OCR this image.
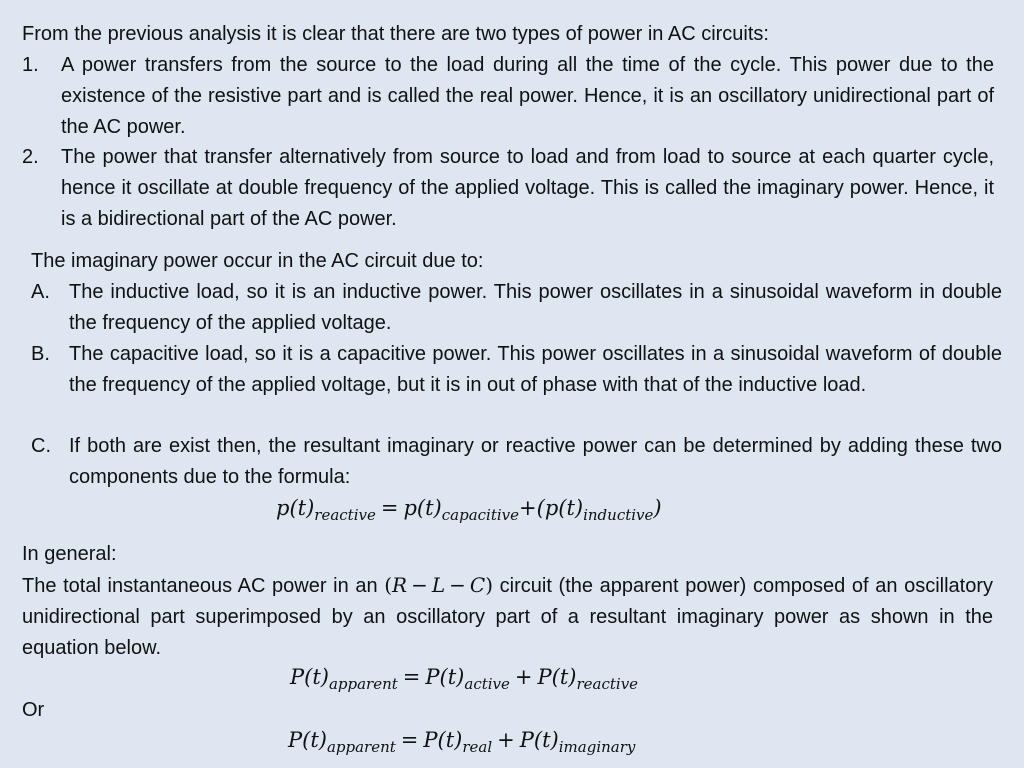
From the previous analysis it is clear that there are two types of power in AC circuits:

1. A power transfers from the source to the load during all the time of the cycle. This power due to the existence of the resistive part and is called the real power. Hence, it is an oscillatory unidirectional part of the AC power.

2. The power that transfer alternatively from source to load and from load to source at each quarter cycle, hence it oscillate at double frequency of the applied voltage. This is called the imaginary power. Hence, it is a bidirectional part of the AC power.

The imaginary power occur in the AC circuit due to:

A. The inductive load, so it is an inductive power. This power oscillates in a sinusoidal waveform in double the frequency of the applied voltage.

B. The capacitive load, so it is a capacitive power. This power oscillates in a sinusoidal waveform of double the frequency of the applied voltage, but it is in out of phase with that of the inductive load.

C. If both are exist then, the resultant imaginary or reactive power can be determined by adding these two components due to the formula:

$p(t)_{reactive} = p(t)_{capacitive}+(p(t)_{inductive})$

In general:

The total instantaneous AC power in an (R − L − C) circuit (the apparent power) composed of an oscillatory unidirectional part superimposed by an oscillatory part of a resultant imaginary power as shown in the equation below.

$P(t)_{apparent} = P(t)_{active} + P(t)_{reactive}$

Or

$P(t)_{apparent} = P(t)_{real} + P(t)_{imaginary}$
